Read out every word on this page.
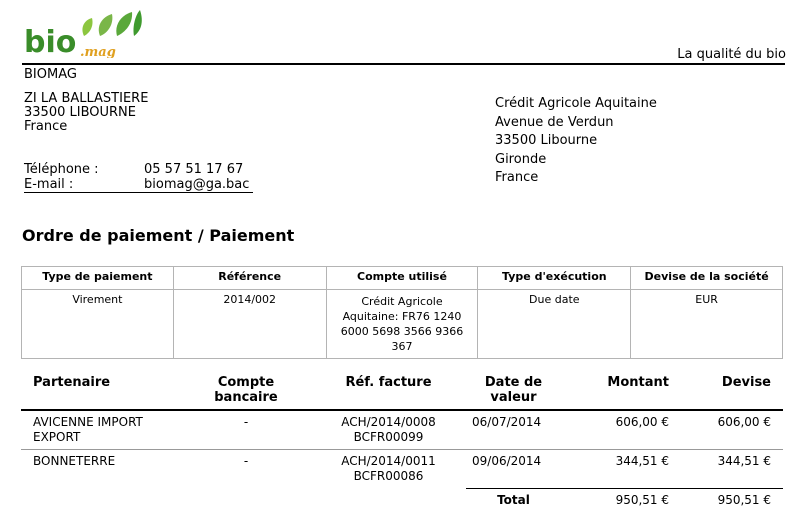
bio .mag	La qualité du bio
BIOMAG
ZI LA BALLASTIERE
33500 LIBOURNE
France
Téléphone :	05 57 51 17 67
E-mail :	biomag@ga.bac
Crédit Agricole Aquitaine
Avenue de Verdun
33500 Libourne
Gironde
France
Ordre de paiement / Paiement
Type de paiement	Référence	Compte utilisé	Type d'exécution	Devise de la société
Virement	2014/002	Crédit Agricole Aquitaine: FR76 1240 6000 5698 3566 9366 367	Due date	EUR
Partenaire	Compte bancaire	Réf. facture	Date de valeur	Montant	Devise
AVICENNE IMPORT EXPORT	-	ACH/2014/0008 BCFR00099	06/07/2014	606,00 €	606,00 €
BONNETERRE	-	ACH/2014/0011 BCFR00086	09/06/2014	344,51 €	344,51 €
			Total	950,51 €	950,51 €
